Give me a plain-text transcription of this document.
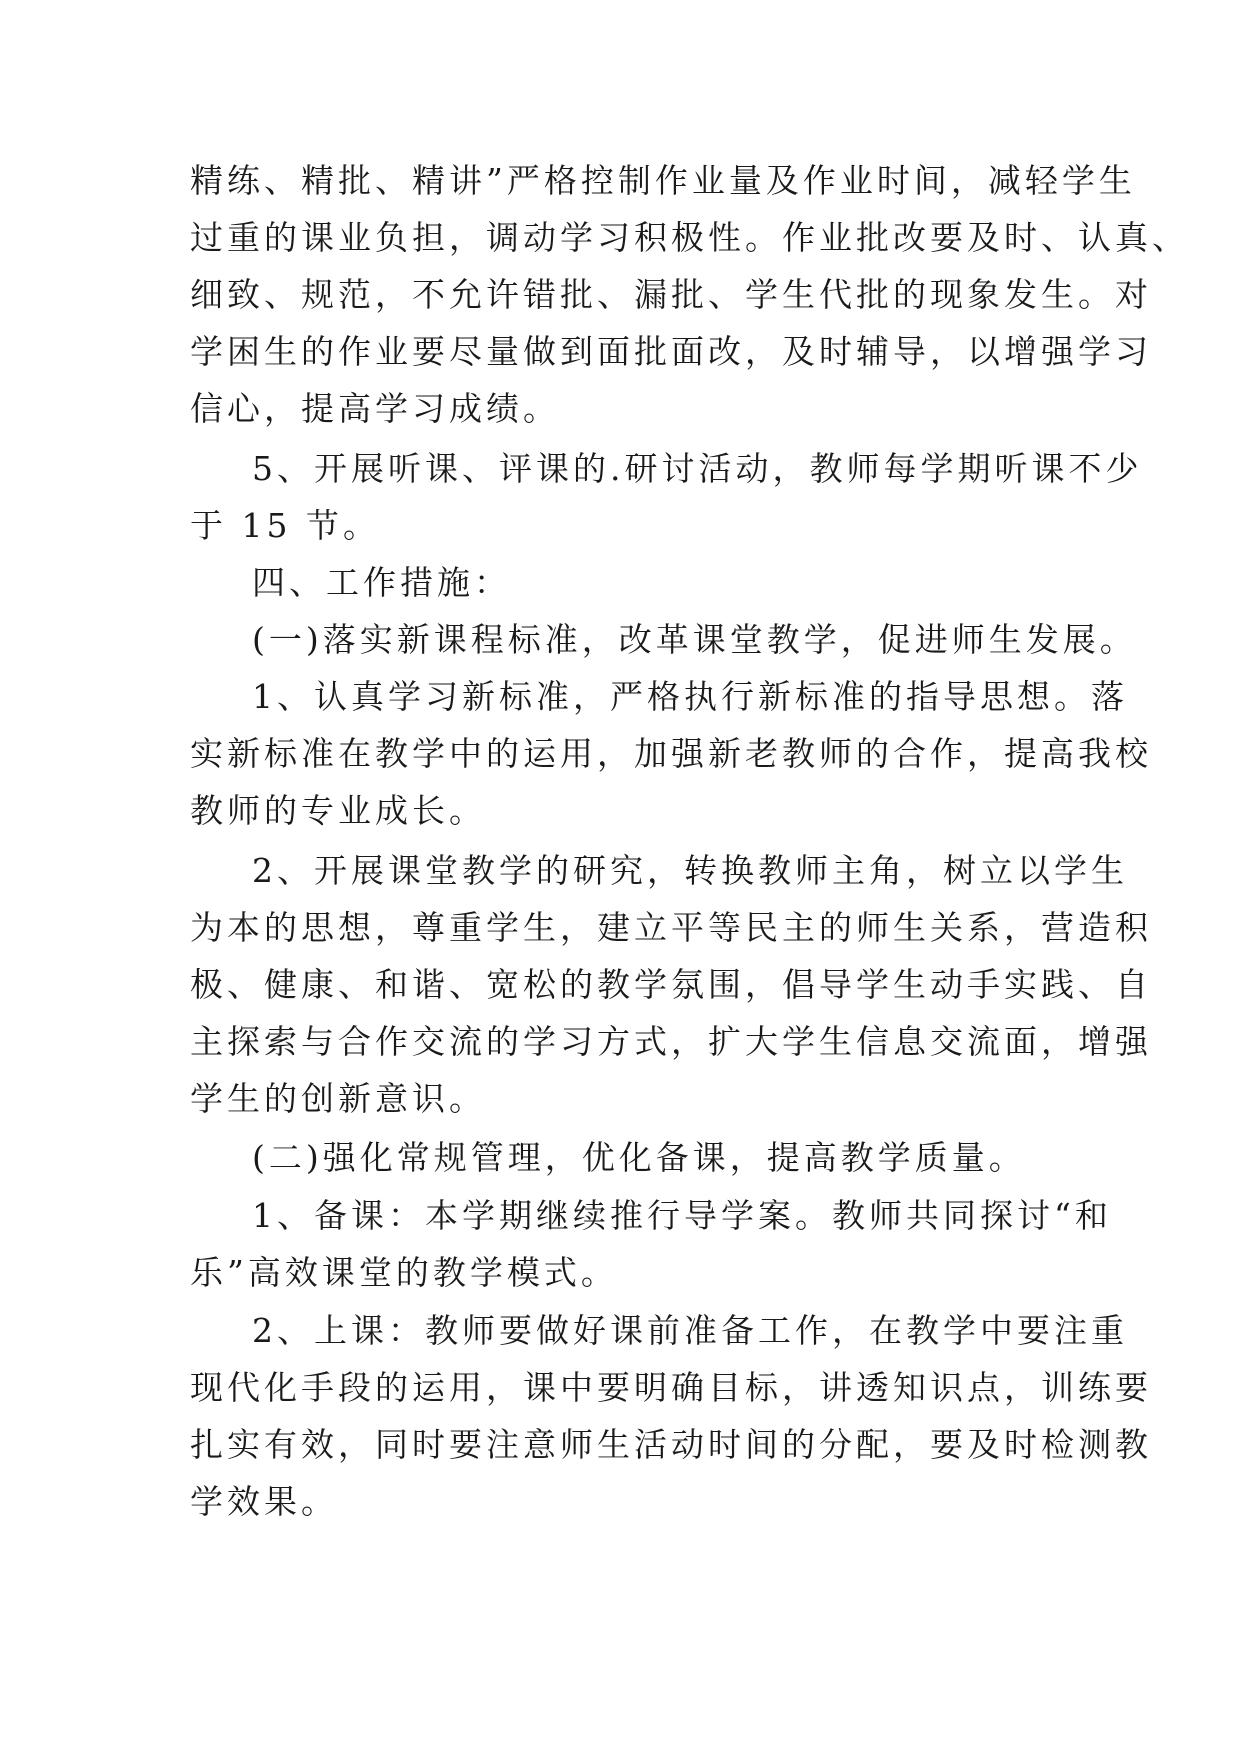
精练、精批、精讲”严格控制作业量及作业时间，减轻学生
过重的课业负担，调动学习积极性。作业批改要及时、认真、
细致、规范，不允许错批、漏批、学生代批的现象发生。对
学困生的作业要尽量做到面批面改，及时辅导，以增强学习
信心，提高学习成绩。
5、开展听课、评课的.研讨活动，教师每学期听课不少
于 15 节。
四、工作措施：
(一)落实新课程标准，改革课堂教学，促进师生发展。
1、认真学习新标准，严格执行新标准的指导思想。落
实新标准在教学中的运用，加强新老教师的合作，提高我校
教师的专业成长。
2、开展课堂教学的研究，转换教师主角，树立以学生
为本的思想，尊重学生，建立平等民主的师生关系，营造积
极、健康、和谐、宽松的教学氛围，倡导学生动手实践、自
主探索与合作交流的学习方式，扩大学生信息交流面，增强
学生的创新意识。
(二)强化常规管理，优化备课，提高教学质量。
1、备课：本学期继续推行导学案。教师共同探讨“和
乐”高效课堂的教学模式。
2、上课：教师要做好课前准备工作，在教学中要注重
现代化手段的运用，课中要明确目标，讲透知识点，训练要
扎实有效，同时要注意师生活动时间的分配，要及时检测教
学效果。
